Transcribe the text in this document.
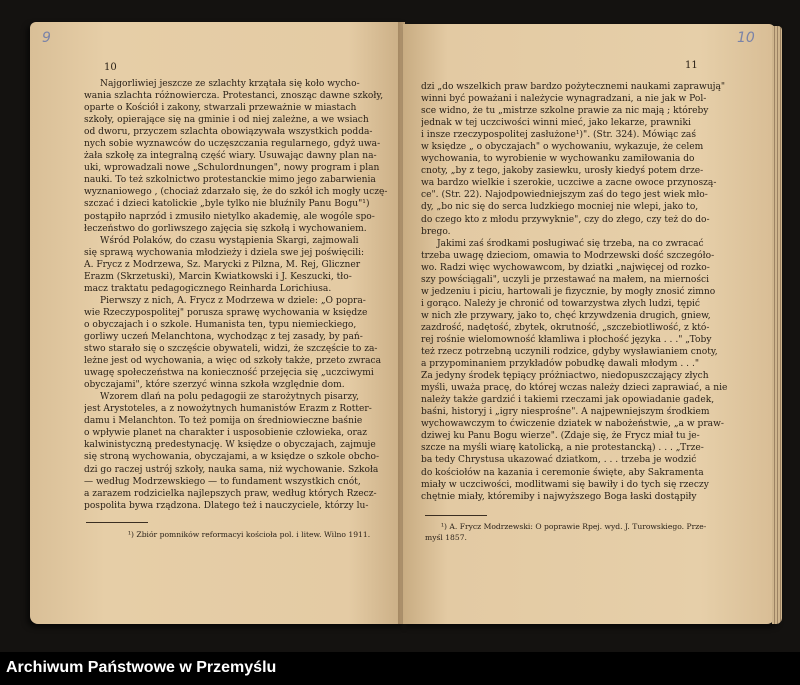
9
10
Najgorliwiej jeszcze ze szlachty krzątała się koło wycho-
wania szlachta różnowiercza. Protestanci, znosząc dawne szkoły,
oparte o Kościół i zakony, stwarzali przeważnie w miastach
szkoły, opierające się na gminie i od niej zależne, a we wsiach
od dworu, przyczem szlachta obowiązywała wszystkich podda-
nych sobie wyznawców do uczęszczania regularnego, gdyż uwa-
żała szkołę za integralną część wiary. Usuwając dawny plan na-
uki, wprowadzali nowe „Schulordnungen", nowy program i plan
nauki. To też szkolnictwo protestanckie mimo jego zabarwienia
wyznaniowego , (chociaż zdarzało się, że do szkół ich mogły uczę-
szczać i dzieci katolickie „byle tylko nie bluźnily Panu Bogu"¹)
postąpiło naprzód i zmusiło nietylko akademię, ale wogóle spo-
łeczeństwo do gorliwszego zajęcia się szkołą i wychowaniem.
Wśród Polaków, do czasu wystąpienia Skargi, zajmowali
się sprawą wychowania młodzieży i dziela swe jej poświęcili:
A. Frycz z Modrzewa, Sz. Marycki z Pilzna, M. Rej, Gliczner
Erazm (Skrzetuski), Marcin Kwiatkowski i J. Keszucki, tło-
macz traktatu pedagogicznego Reinharda Lorichiusa.
Pierwszy z nich, A. Frycz z Modrzewa w dziele: „O popra-
wie Rzeczypospolitej" porusza sprawę wychowania w księdze
o obyczajach i o szkole. Humanista ten, typu niemieckiego,
gorliwy uczeń Melanchtona, wychodząc z tej zasady, by pań-
stwo starało się o szczęście obywateli, widzi, że szczęście to za-
leżne jest od wychowania, a więc od szkoły także, przeto zwraca
uwagę społeczeństwa na konieczność przejęcia się „uczciwymi
obyczajami", które szerzyć winna szkoła względnie dom.
Wzorem dlań na polu pedagogii ze starożytnych pisarzy,
jest Arystoteles, a z nowożytnych humanistów Erazm z Rotter-
damu i Melanchton. To też pomija on średniowieczne baśnie
o wpływie planet na charakter i usposobienie człowieka, oraz
kalwinistyczną predestynację. W księdze o obyczajach, zajmuje
się stroną wychowania, obyczajami, a w księdze o szkole obcho-
dzi go raczej ustrój szkoły, nauka sama, niż wychowanie. Szkoła
— według Modrzewskiego — to fundament wszystkich cnót,
a zarazem rodzicielka najlepszych praw, według których Rzecz-
pospolita bywa rządzona. Dlatego też i nauczyciele, którzy lu-
¹) Zbiór pomników reformacyi kościoła pol. i litew. Wilno 1911.
10
11
dzi „do wszelkich praw bardzo pożytecznemi naukami zaprawują"
winni być poważani i należycie wynagradzani, a nie jak w Pol-
sce widno, że tu „mistrze szkolne prawie za nic mają ; któreby
jednak w tej uczciwości winni mieć, jako lekarze, prawniki
i insze rzeczypospolitej zasłużone¹)". (Str. 324). Mówiąc zaś
w księdze „ o obyczajach" o wychowaniu, wykazuje, że celem
wychowania, to wyrobienie w wychowanku zamiłowania do
cnoty, „by z tego, jakoby zasiewku, urosły kiedyś potem drze-
wa bardzo wielkie i szerokie, uczciwe a zacne owoce przynoszą-
ce". (Str. 22). Najodpowiedniejszym zaś do tego jest wiek mło-
dy, „bo nic się do serca ludzkiego mocniej nie wlepi, jako to,
do czego kto z młodu przywyknie", czy do złego, czy też do do-
brego.
Jakimi zaś środkami posługiwać się trzeba, na co zwracać
trzeba uwagę dzieciom, omawia to Modrzewski dość szczegóło-
wo. Radzi więc wychowawcom, by dziatki „najwięcej od rozko-
szy powściągali", uczyli je przestawać na małem, na mierności
w jedzeniu i piciu, hartowali je fizycznie, by mogły znosić zimno
i gorąco. Należy je chronić od towarzystwa złych ludzi, tępić
w nich złe przywary, jako to, chęć krzywdzenia drugich, gniew,
zazdrość, nadętość, zbytek, okrutność, „szczebiotliwość, z któ-
rej rośnie wielomowność kłamliwa i płochość języka . . ." „Toby
też rzecz potrzebną uczynili rodzice, gdyby wysławianiem cnoty,
a przypominaniem przykładów pobudkę dawali młodym . . ."
Za jedyny środek tępiący próżniactwo, niedopuszczający złych
myśli, uważa pracę, do której wczas należy dzieci zaprawiać, a nie
należy także gardzić i takiemi rzeczami jak opowiadanie gadek,
baśni, historyj i „igry niesprośne". A najpewniejszym środkiem
wychowawczym to ćwiczenie dziatek w nabożeństwie, „a w praw-
dziwej ku Panu Bogu wierze". (Zdaje się, że Frycz miał tu je-
szcze na myśli wiarę katolicką, a nie protestancką) . . . „Trze-
ba tedy Chrystusa ukazować dziatkom, . . . trzeba je wodzić
do kościołów na kazania i ceremonie święte, aby Sakramenta
miały w uczciwości, modlitwami się bawiły i do tych się rzeczy
chętnie miały, któremiby i najwyższego Boga łaski dostąpiły
¹) A. Frycz Modrzewski: O poprawie Rpej. wyd. J. Turowskiego. Prze-
myśl 1857.
Archiwum Państwowe w Przemyślu
